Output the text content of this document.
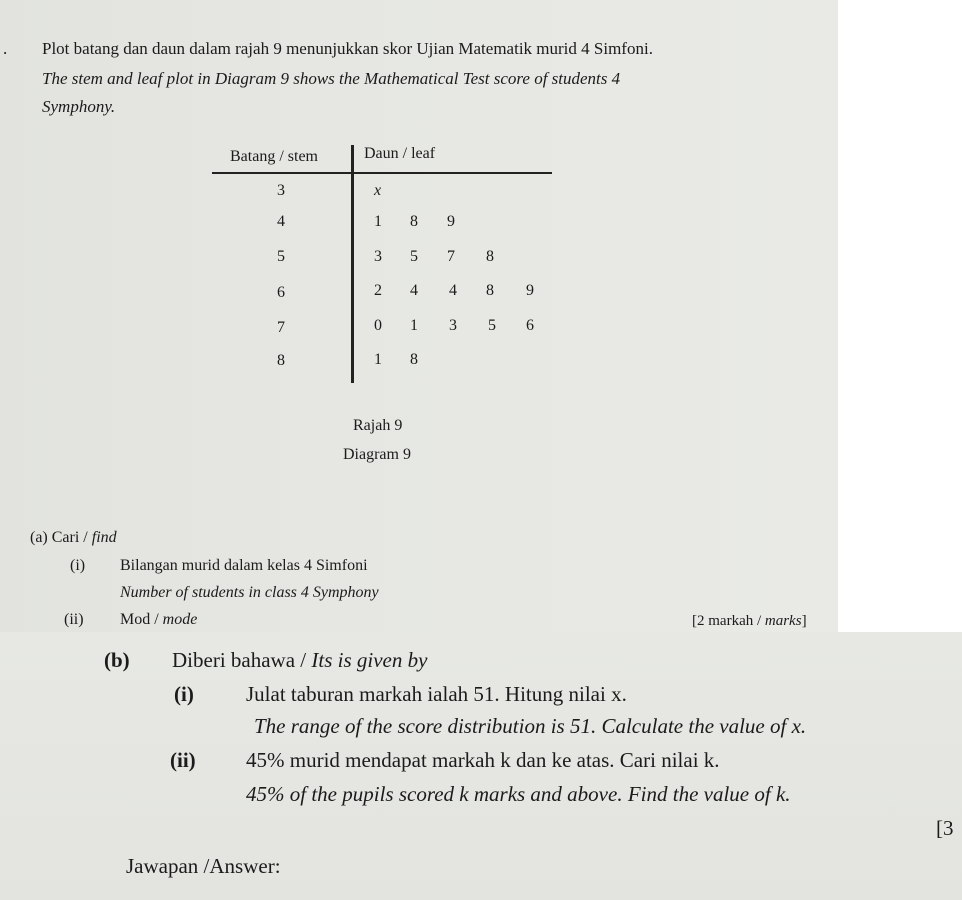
. Plot batang dan daun dalam rajah 9 menunjukkan skor Ujian Matematik murid 4 Simfoni.
The stem and leaf plot in Diagram 9 shows the Mathematical Test score of students 4
Symphony.
Batang / stem	Daun / leaf
3	x
4	1 8 9
5	3 5 7 8
6	2 4 4 8 9
7	0 1 3 5 6
8	1 8
Rajah 9
Diagram 9
(a) Cari / find
(i) Bilangan murid dalam kelas 4 Simfoni
Number of students in class 4 Symphony
(ii) Mod / mode	[2 markah / marks]
(b) Diberi bahawa / Its is given by
(i) Julat taburan markah ialah 51. Hitung nilai x.
The range of the score distribution is 51. Calculate the value of x.
(ii) 45% murid mendapat markah k dan ke atas. Cari nilai k.
45% of the pupils scored k marks and above. Find the value of k.
[3
Jawapan /Answer:
